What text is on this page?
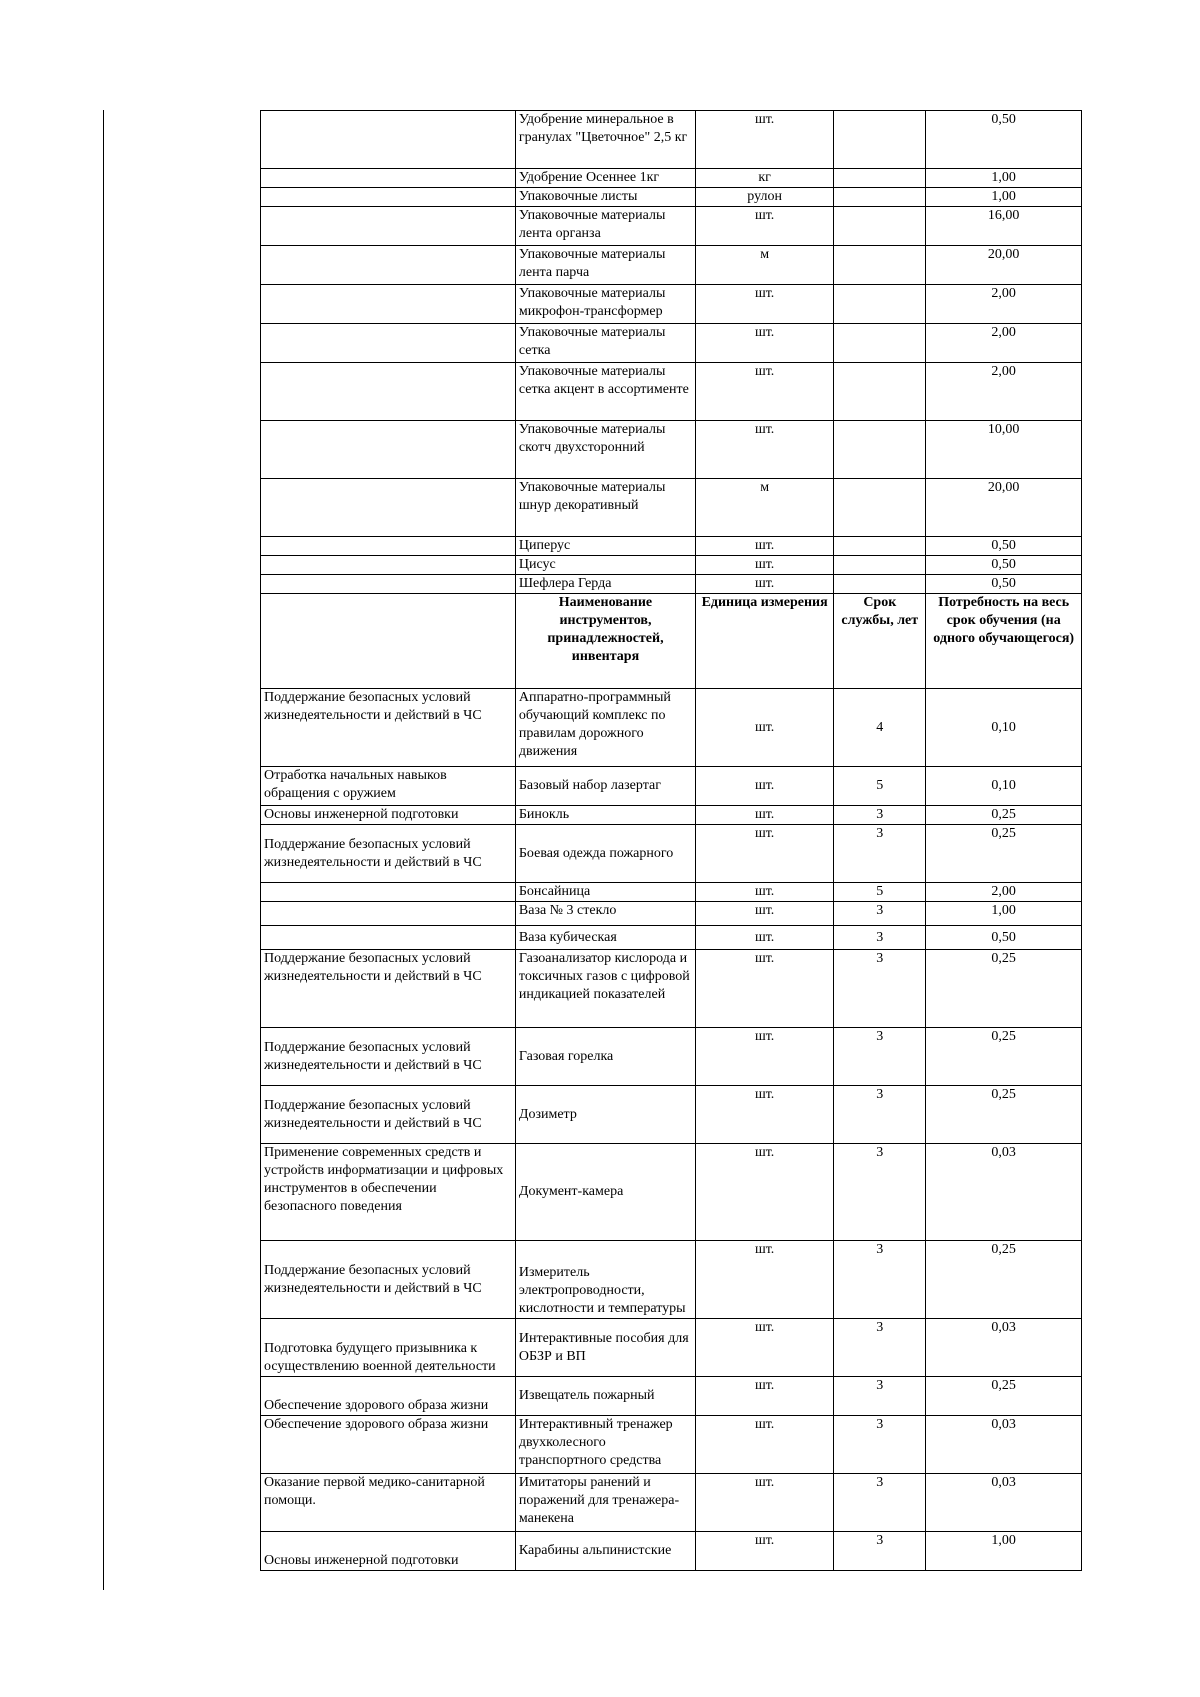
	Удобрение минеральное в гранулах "Цветочное" 2,5 кг	шт.		0,50
	Удобрение Осеннее 1кг	кг		1,00
	Упаковочные листы	рулон		1,00
	Упаковочные материалы лента органза	шт.		16,00
	Упаковочные материалы лента парча	м		20,00
	Упаковочные материалы микрофон-трансформер	шт.		2,00
	Упаковочные материалы сетка	шт.		2,00
	Упаковочные материалы сетка акцент в ассортименте	шт.		2,00
	Упаковочные материалы скотч двухсторонний	шт.		10,00
	Упаковочные материалы шнур декоративный	м		20,00
	Циперус	шт.		0,50
	Цисус	шт.		0,50
	Шефлера Герда	шт.		0,50
	Наименование инструментов, принадлежностей, инвентаря	Единица измерения	Срок службы, лет	Потребность на весь срок обучения (на одного обучающегося)
Поддержание безопасных условий жизнедеятельности и действий в ЧС	Аппаратно-программный обучающий комплекс по правилам дорожного движения	шт.	4	0,10
Отработка начальных навыков обращения с оружием	Базовый набор лазертаг	шт.	5	0,10
Основы инженерной подготовки	Бинокль	шт.	3	0,25
Поддержание безопасных условий жизнедеятельности и действий в ЧС	Боевая одежда пожарного	шт.	3	0,25
	Бонсайница	шт.	5	2,00
	Ваза № 3 стекло	шт.	3	1,00
	Ваза кубическая	шт.	3	0,50
Поддержание безопасных условий жизнедеятельности и действий в ЧС	Газоанализатор кислорода и токсичных газов с цифровой индикацией показателей	шт.	3	0,25
Поддержание безопасных условий жизнедеятельности и действий в ЧС	Газовая горелка	шт.	3	0,25
Поддержание безопасных условий жизнедеятельности и действий в ЧС	Дозиметр	шт.	3	0,25
Применение современных средств и устройств информатизации и цифровых инструментов в обеспечении безопасного поведения	Документ-камера	шт.	3	0,03
Поддержание безопасных условий жизнедеятельности и действий в ЧС	Измеритель электропроводности, кислотности и температуры	шт.	3	0,25
Подготовка будущего призывника к осуществлению военной деятельности	Интерактивные пособия для ОБЗР и ВП	шт.	3	0,03
Обеспечение здорового образа жизни	Извещатель пожарный	шт.	3	0,25
Обеспечение здорового образа жизни	Интерактивный тренажер двухколесного транспортного средства	шт.	3	0,03
Оказание первой медико-санитарной помощи.	Имитаторы ранений и поражений для тренажера-манекена	шт.	3	0,03
Основы инженерной подготовки	Карабины альпинистские	шт.	3	1,00
